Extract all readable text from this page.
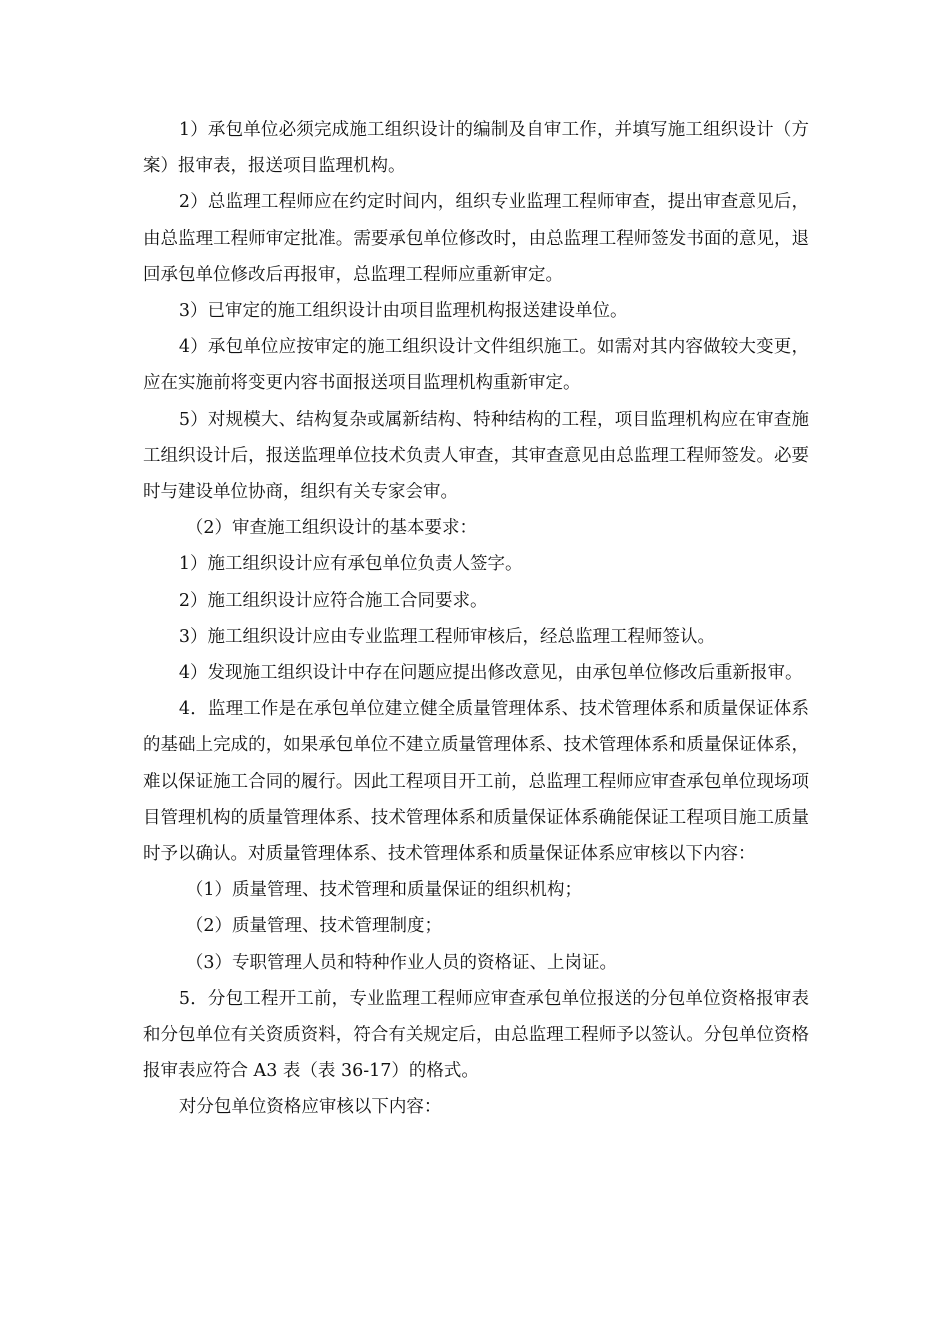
1）承包单位必须完成施工组织设计的编制及自审工作，并填写施工组织设计（方案）报审表，报送项目监理机构。

2）总监理工程师应在约定时间内，组织专业监理工程师审查，提出审查意见后，由总监理工程师审定批准。需要承包单位修改时，由总监理工程师签发书面的意见，退回承包单位修改后再报审，总监理工程师应重新审定。

3）已审定的施工组织设计由项目监理机构报送建设单位。

4）承包单位应按审定的施工组织设计文件组织施工。如需对其内容做较大变更，应在实施前将变更内容书面报送项目监理机构重新审定。

5）对规模大、结构复杂或属新结构、特种结构的工程，项目监理机构应在审查施工组织设计后，报送监理单位技术负责人审查，其审查意见由总监理工程师签发。必要时与建设单位协商，组织有关专家会审。

（2）审查施工组织设计的基本要求：

1）施工组织设计应有承包单位负责人签字。

2）施工组织设计应符合施工合同要求。

3）施工组织设计应由专业监理工程师审核后，经总监理工程师签认。

4）发现施工组织设计中存在问题应提出修改意见，由承包单位修改后重新报审。

4．监理工作是在承包单位建立健全质量管理体系、技术管理体系和质量保证体系的基础上完成的，如果承包单位不建立质量管理体系、技术管理体系和质量保证体系，难以保证施工合同的履行。因此工程项目开工前，总监理工程师应审查承包单位现场项目管理机构的质量管理体系、技术管理体系和质量保证体系确能保证工程项目施工质量时予以确认。对质量管理体系、技术管理体系和质量保证体系应审核以下内容：

（1）质量管理、技术管理和质量保证的组织机构；

（2）质量管理、技术管理制度；

（3）专职管理人员和特种作业人员的资格证、上岗证。

5．分包工程开工前，专业监理工程师应审查承包单位报送的分包单位资格报审表和分包单位有关资质资料，符合有关规定后，由总监理工程师予以签认。分包单位资格报审表应符合 A3 表（表 36-17）的格式。

对分包单位资格应审核以下内容：
